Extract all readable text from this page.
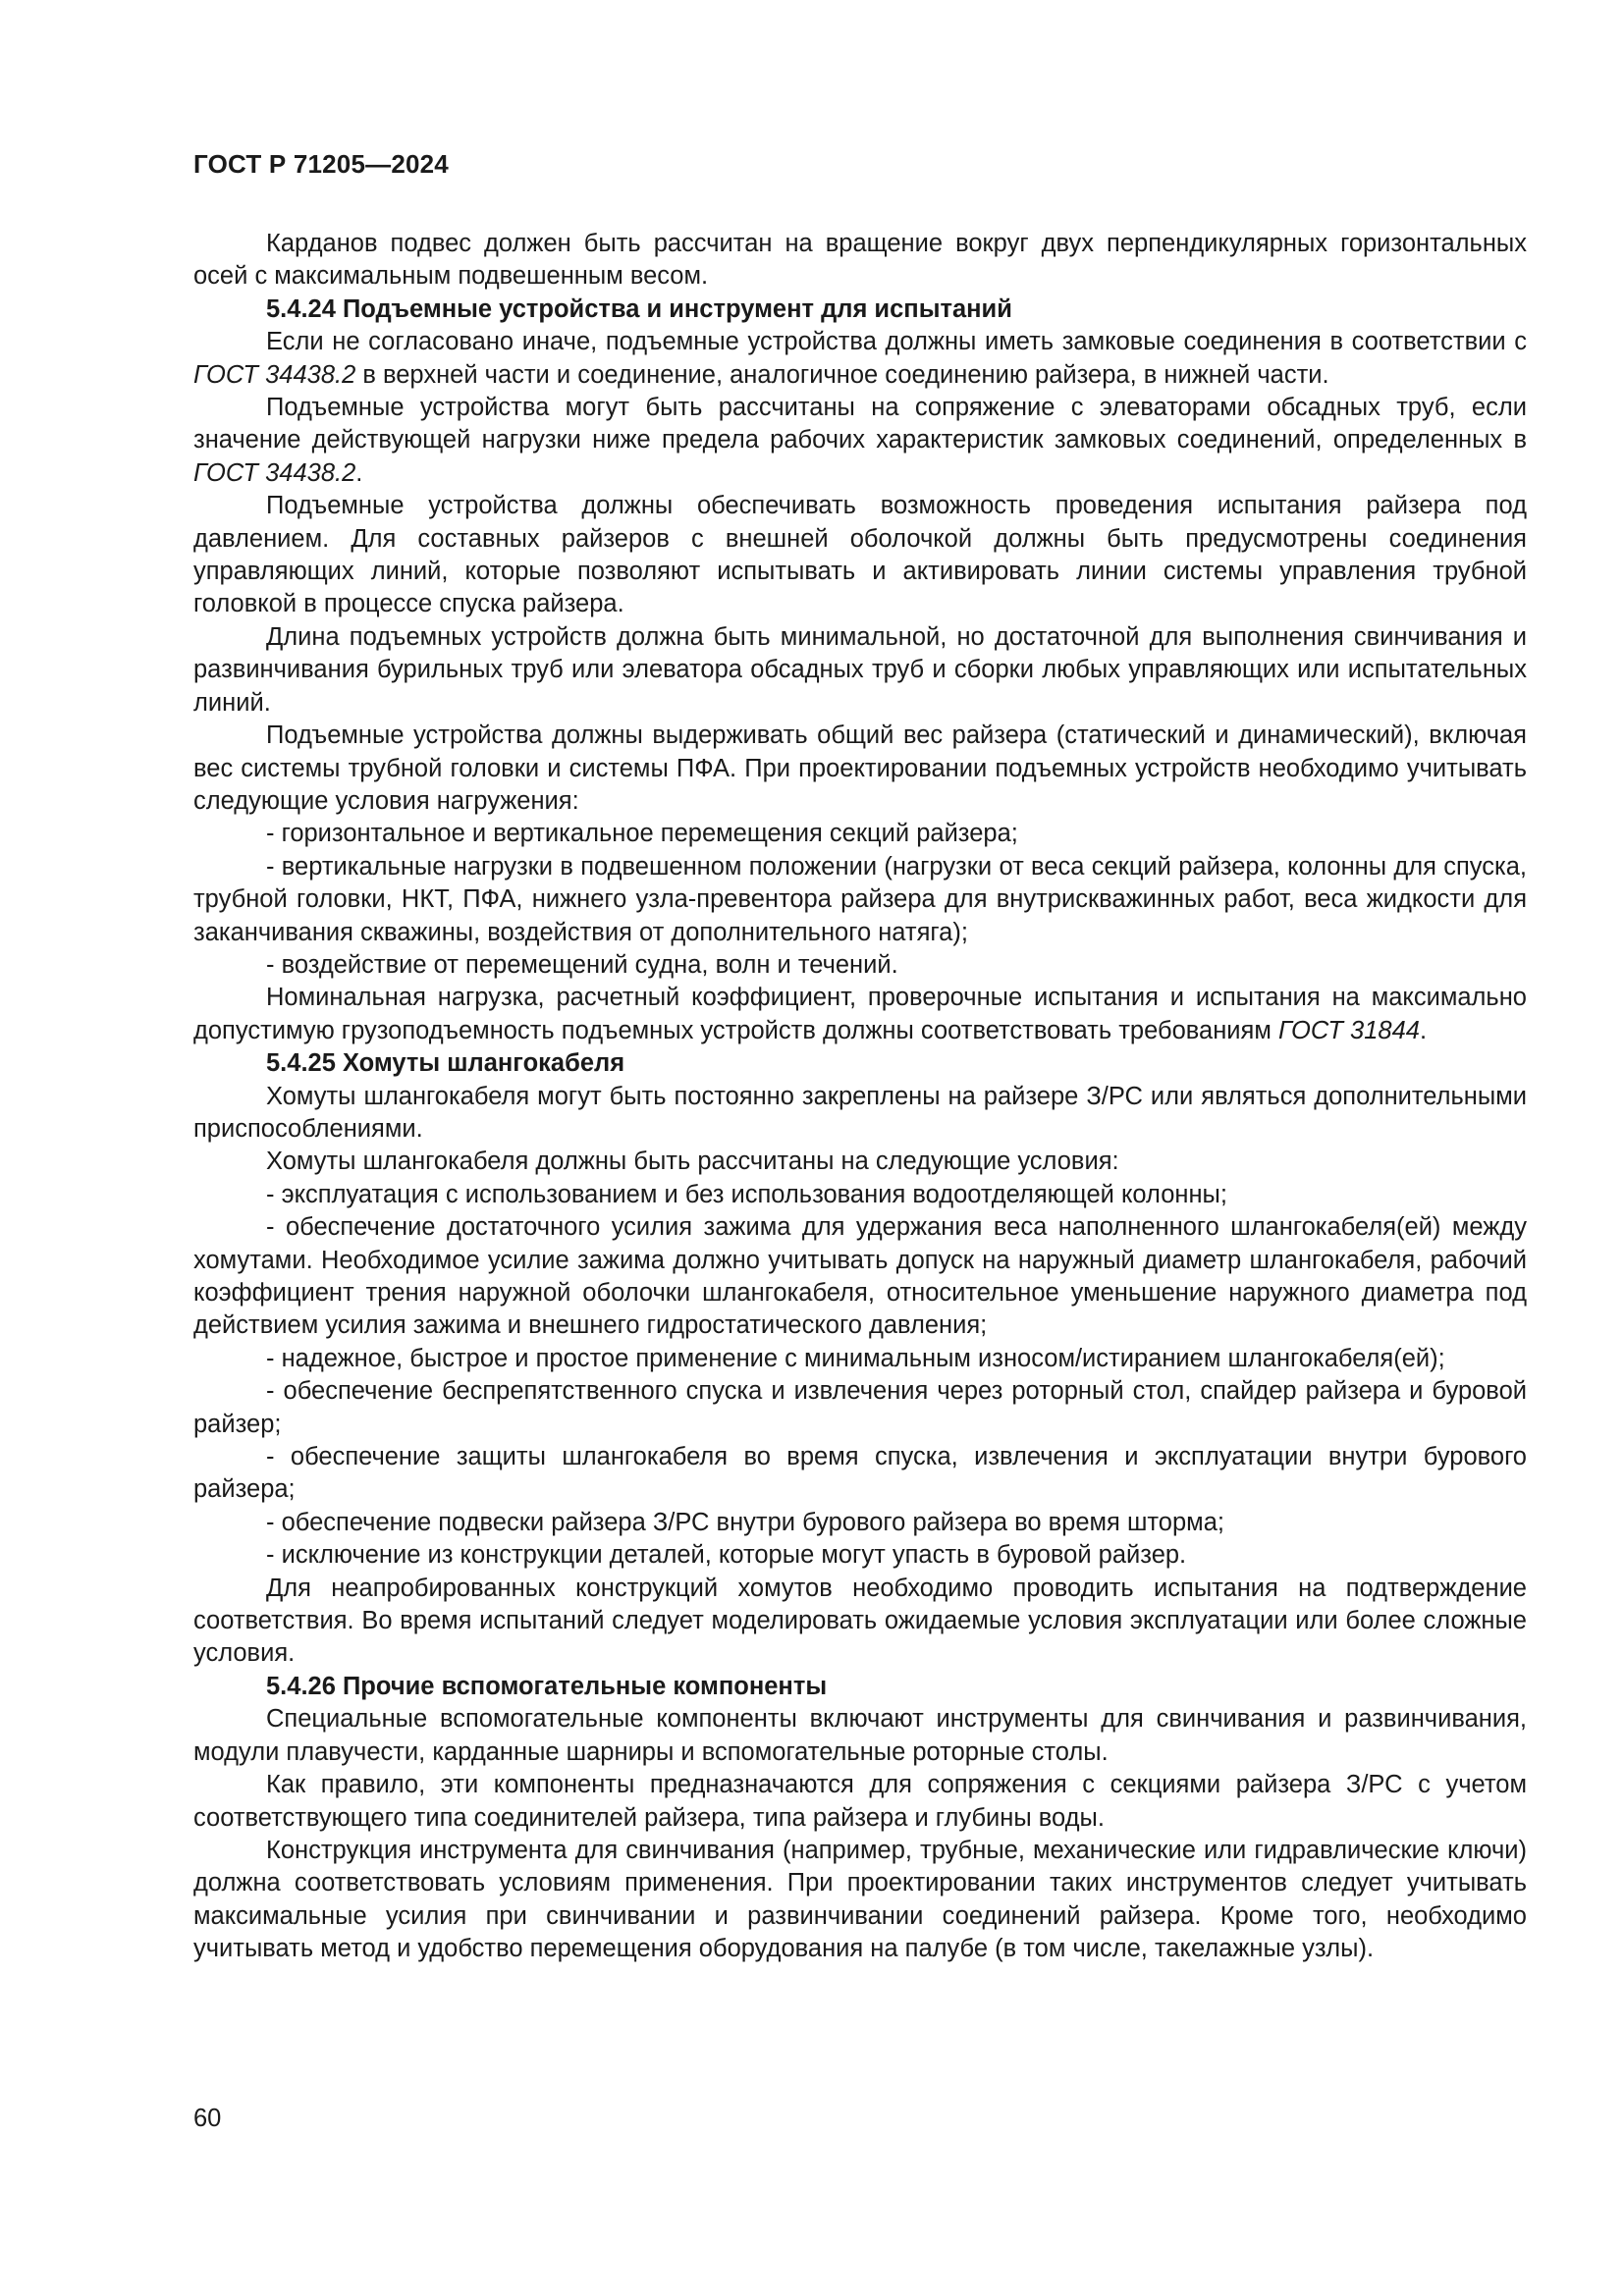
ГОСТ Р 71205—2024

Карданов подвес должен быть рассчитан на вращение вокруг двух перпендикулярных горизонтальных осей с максимальным подвешенным весом.

5.4.24 Подъемные устройства и инструмент для испытаний

Если не согласовано иначе, подъемные устройства должны иметь замковые соединения в соответствии с ГОСТ 34438.2 в верхней части и соединение, аналогичное соединению райзера, в нижней части.

Подъемные устройства могут быть рассчитаны на сопряжение с элеваторами обсадных труб, если значение действующей нагрузки ниже предела рабочих характеристик замковых соединений, определенных в ГОСТ 34438.2.

Подъемные устройства должны обеспечивать возможность проведения испытания райзера под давлением. Для составных райзеров с внешней оболочкой должны быть предусмотрены соединения управляющих линий, которые позволяют испытывать и активировать линии системы управления трубной головкой в процессе спуска райзера.

Длина подъемных устройств должна быть минимальной, но достаточной для выполнения свинчивания и развинчивания бурильных труб или элеватора обсадных труб и сборки любых управляющих или испытательных линий.

Подъемные устройства должны выдерживать общий вес райзера (статический и динамический), включая вес системы трубной головки и системы ПФА. При проектировании подъемных устройств необходимо учитывать следующие условия нагружения:

- горизонтальное и вертикальное перемещения секций райзера;

- вертикальные нагрузки в подвешенном положении (нагрузки от веса секций райзера, колонны для спуска, трубной головки, НКТ, ПФА, нижнего узла-превентора райзера для внутрискважинных работ, веса жидкости для заканчивания скважины, воздействия от дополнительного натяга);

- воздействие от перемещений судна, волн и течений.

Номинальная нагрузка, расчетный коэффициент, проверочные испытания и испытания на максимально допустимую грузоподъемность подъемных устройств должны соответствовать требованиям ГОСТ 31844.

5.4.25 Хомуты шлангокабеля

Хомуты шлангокабеля могут быть постоянно закреплены на райзере З/РС или являться дополнительными приспособлениями.

Хомуты шлангокабеля должны быть рассчитаны на следующие условия:

- эксплуатация с использованием и без использования водоотделяющей колонны;

- обеспечение достаточного усилия зажима для удержания веса наполненного шлангокабеля(ей) между хомутами. Необходимое усилие зажима должно учитывать допуск на наружный диаметр шлангокабеля, рабочий коэффициент трения наружной оболочки шлангокабеля, относительное уменьшение наружного диаметра под действием усилия зажима и внешнего гидростатического давления;

- надежное, быстрое и простое применение с минимальным износом/истиранием шлангокабеля(ей);

- обеспечение беспрепятственного спуска и извлечения через роторный стол, спайдер райзера и буровой райзер;

- обеспечение защиты шлангокабеля во время спуска, извлечения и эксплуатации внутри бурового райзера;

- обеспечение подвески райзера З/РС внутри бурового райзера во время шторма;

- исключение из конструкции деталей, которые могут упасть в буровой райзер.

Для неапробированных конструкций хомутов необходимо проводить испытания на подтверждение соответствия. Во время испытаний следует моделировать ожидаемые условия эксплуатации или более сложные условия.

5.4.26 Прочие вспомогательные компоненты

Специальные вспомогательные компоненты включают инструменты для свинчивания и развинчивания, модули плавучести, карданные шарниры и вспомогательные роторные столы.

Как правило, эти компоненты предназначаются для сопряжения с секциями райзера З/РС с учетом соответствующего типа соединителей райзера, типа райзера и глубины воды.

Конструкция инструмента для свинчивания (например, трубные, механические или гидравлические ключи) должна соответствовать условиям применения. При проектировании таких инструментов следует учитывать максимальные усилия при свинчивании и развинчивании соединений райзера. Кроме того, необходимо учитывать метод и удобство перемещения оборудования на палубе (в том числе, такелажные узлы).

60
